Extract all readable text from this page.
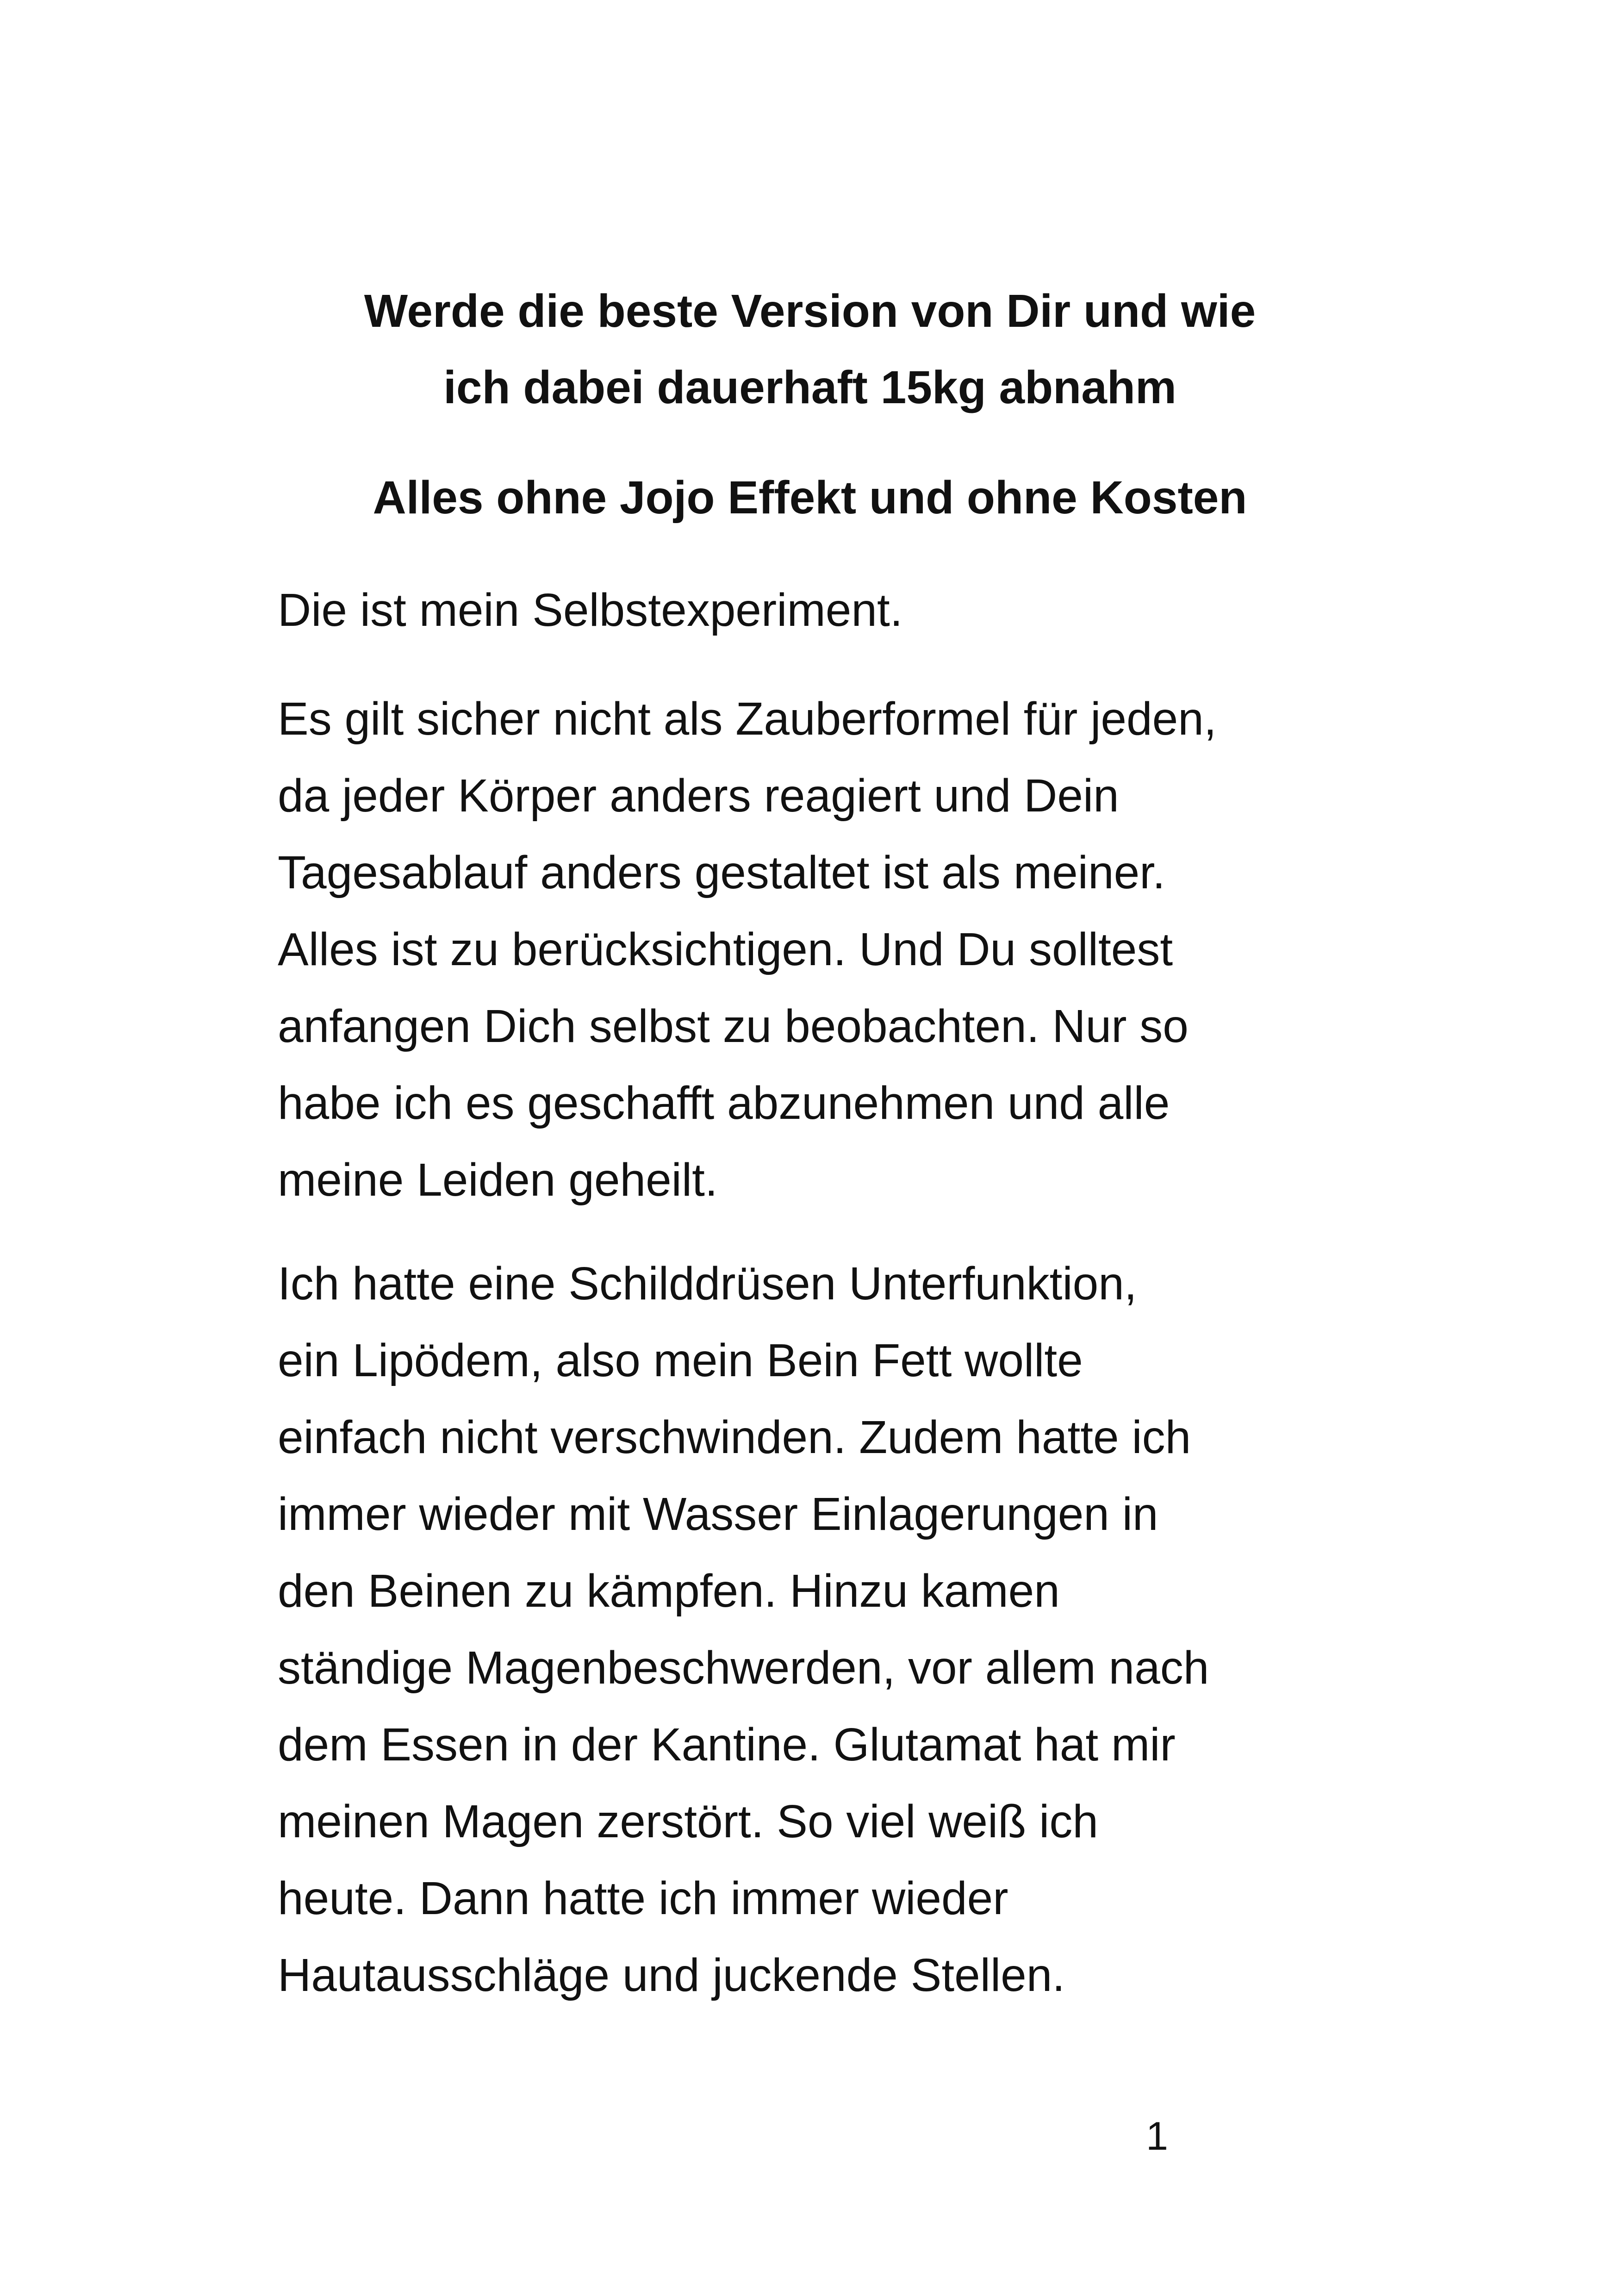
Werde die beste Version von Dir und wie
ich dabei dauerhaft 15kg abnahm
Alles ohne Jojo Effekt und ohne Kosten
Die ist mein Selbstexperiment.
Es gilt sicher nicht als Zauberformel für jeden,
da jeder Körper anders reagiert und Dein
Tagesablauf anders gestaltet ist als meiner.
Alles ist zu berücksichtigen. Und Du solltest
anfangen Dich selbst zu beobachten. Nur so
habe ich es geschafft abzunehmen und alle
meine Leiden geheilt.
Ich hatte eine Schilddrüsen Unterfunktion,
ein Lipödem, also mein Bein Fett wollte
einfach nicht verschwinden. Zudem hatte ich
immer wieder mit Wasser Einlagerungen in
den Beinen zu kämpfen. Hinzu kamen
ständige Magenbeschwerden, vor allem nach
dem Essen in der Kantine. Glutamat hat mir
meinen Magen zerstört. So viel weiß ich
heute. Dann hatte ich immer wieder
Hautausschläge und juckende Stellen.
1
